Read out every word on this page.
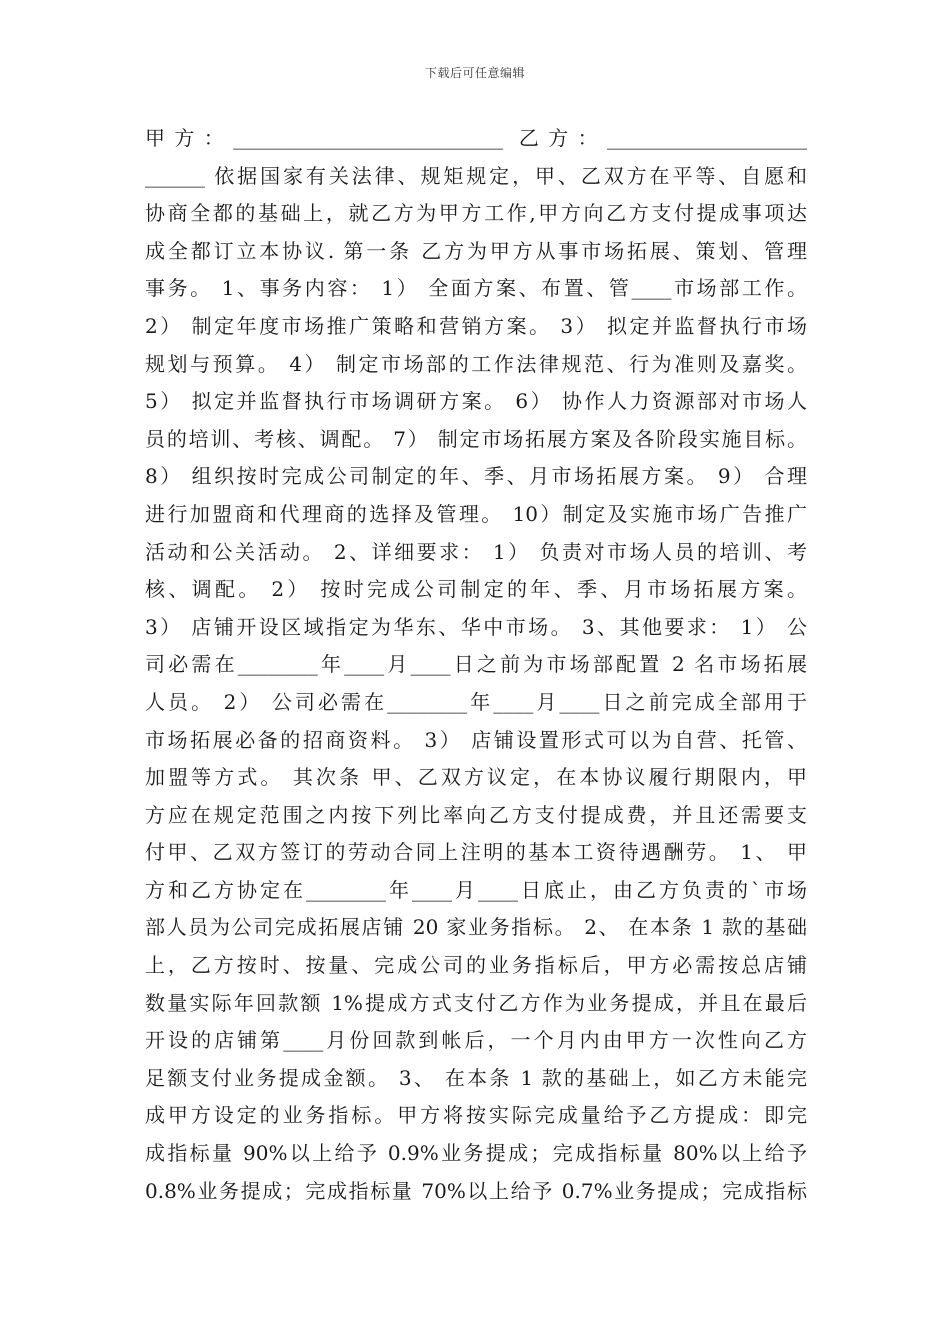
下载后可任意编辑
甲方：___________________________ 乙方：____________________
______ 依据国家有关法律、规矩规定，甲、乙双方在平等、自愿和
协商全都的基础上，就乙方为甲方工作,甲方向乙方支付提成事项达
成全都订立本协议. 第一条 乙方为甲方从事市场拓展、策划、管理
事务。 1、事务内容： 1） 全面方案、布置、管____市场部工作。
2） 制定年度市场推广策略和营销方案。 3） 拟定并监督执行市场
规划与预算。 4） 制定市场部的工作法律规范、行为准则及嘉奖。
5） 拟定并监督执行市场调研方案。 6） 协作人力资源部对市场人
员的培训、考核、调配。 7） 制定市场拓展方案及各阶段实施目标。
8） 组织按时完成公司制定的年、季、月市场拓展方案。 9） 合理
进行加盟商和代理商的选择及管理。 10）制定及实施市场广告推广
活动和公关活动。 2、详细要求： 1） 负责对市场人员的培训、考
核、调配。 2） 按时完成公司制定的年、季、月市场拓展方案。
3） 店铺开设区域指定为华东、华中市场。 3、其他要求： 1） 公
司必需在________年____月____日之前为市场部配置 2 名市场拓展
人员。 2） 公司必需在________年____月____日之前完成全部用于
市场拓展必备的招商资料。 3） 店铺设置形式可以为自营、托管、
加盟等方式。 其次条 甲、乙双方议定，在本协议履行期限内，甲
方应在规定范围之内按下列比率向乙方支付提成费，并且还需要支
付甲、乙双方签订的劳动合同上注明的基本工资待遇酬劳。 1、 甲
方和乙方协定在________年____月____日底止，由乙方负责的`市场
部人员为公司完成拓展店铺 20 家业务指标。 2、 在本条 1 款的基础
上，乙方按时、按量、完成公司的业务指标后，甲方必需按总店铺
数量实际年回款额 1%提成方式支付乙方作为业务提成，并且在最后
开设的店铺第____月份回款到帐后，一个月内由甲方一次性向乙方
足额支付业务提成金额。 3、 在本条 1 款的基础上，如乙方未能完
成甲方设定的业务指标。甲方将按实际完成量给予乙方提成：即完
成指标量 90%以上给予 0.9%业务提成；完成指标量 80%以上给予
0.8%业务提成；完成指标量 70%以上给予 0.7%业务提成；完成指标
